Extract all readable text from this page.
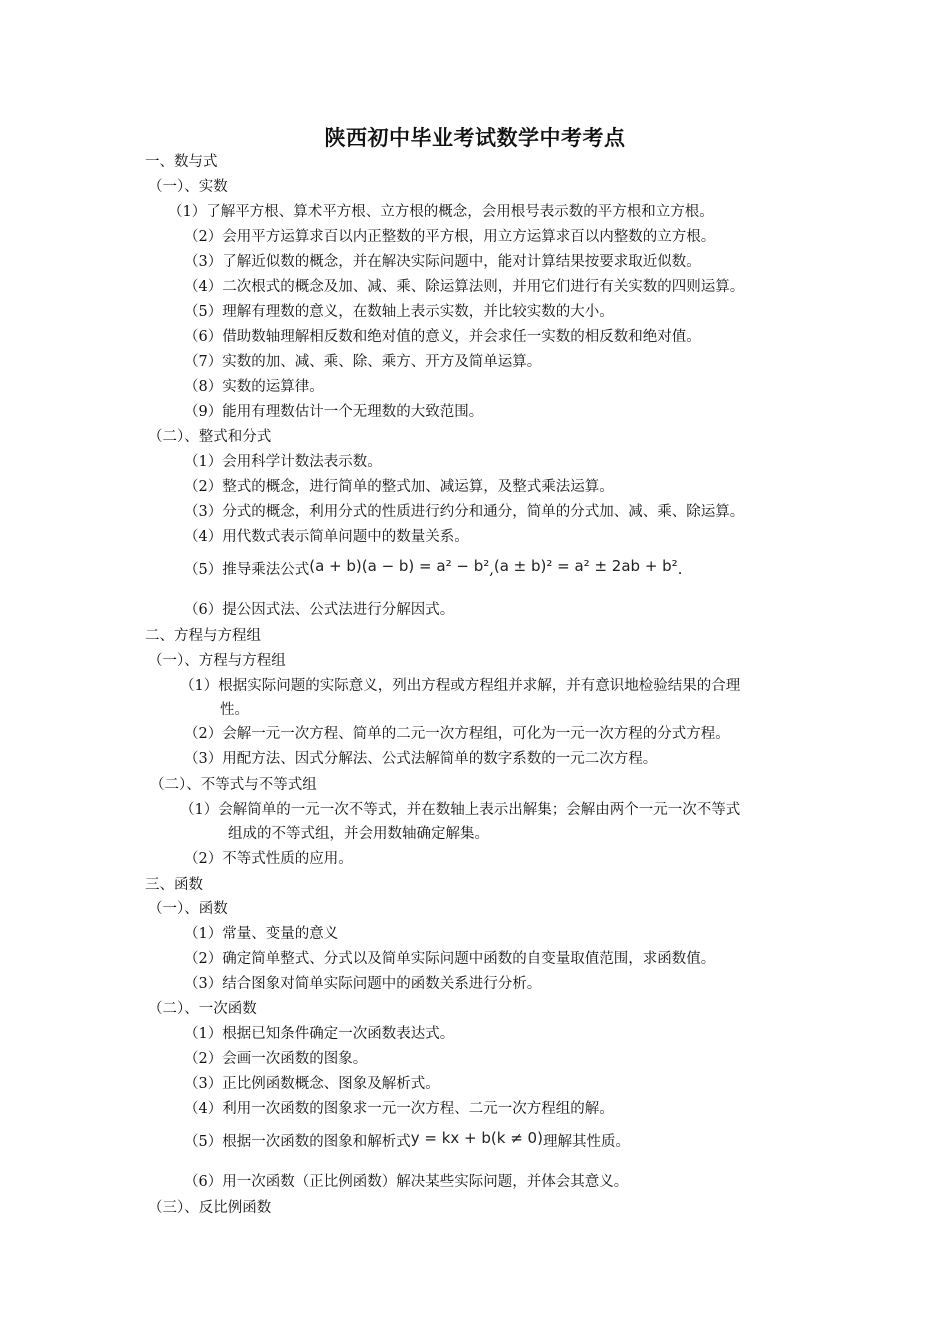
陕西初中毕业考试数学中考考点
一、数与式
（一）、实数
（1）了解平方根、算术平方根、立方根的概念，会用根号表示数的平方根和立方根。
（2）会用平方运算求百以内正整数的平方根，用立方运算求百以内整数的立方根。
（3）了解近似数的概念，并在解决实际问题中，能对计算结果按要求取近似数。
（4）二次根式的概念及加、减、乘、除运算法则，并用它们进行有关实数的四则运算。
（5）理解有理数的意义，在数轴上表示实数，并比较实数的大小。
（6）借助数轴理解相反数和绝对值的意义，并会求任一实数的相反数和绝对值。
（7）实数的加、减、乘、除、乘方、开方及简单运算。
（8）实数的运算律。
（9）能用有理数估计一个无理数的大致范围。
（二）、整式和分式
（1）会用科学计数法表示数。
（2）整式的概念，进行简单的整式加、减运算，及整式乘法运算。
（3）分式的概念，利用分式的性质进行约分和通分，简单的分式加、减、乘、除运算。
（4）用代数式表示简单问题中的数量关系。
（5）推导乘法公式(a + b)(a − b) = a² − b²,(a ± b)² = a² ± 2ab + b².
（6）提公因式法、公式法进行分解因式。
二、方程与方程组
（一）、方程与方程组
（1）根据实际问题的实际意义，列出方程或方程组并求解，并有意识地检验结果的合理
性。
（2）会解一元一次方程、简单的二元一次方程组，可化为一元一次方程的分式方程。
（3）用配方法、因式分解法、公式法解简单的数字系数的一元二次方程。
（二）、不等式与不等式组
（1）会解简单的一元一次不等式，并在数轴上表示出解集；会解由两个一元一次不等式
组成的不等式组，并会用数轴确定解集。
（2）不等式性质的应用。
三、函数
（一）、函数
（1）常量、变量的意义
（2）确定简单整式、分式以及简单实际问题中函数的自变量取值范围，求函数值。
（3）结合图象对简单实际问题中的函数关系进行分析。
（二）、一次函数
（1）根据已知条件确定一次函数表达式。
（2）会画一次函数的图象。
（3）正比例函数概念、图象及解析式。
（4）利用一次函数的图象求一元一次方程、二元一次方程组的解。
（5）根据一次函数的图象和解析式y = kx + b(k ≠ 0)理解其性质。
（6）用一次函数（正比例函数）解决某些实际问题，并体会其意义。
（三）、反比例函数
